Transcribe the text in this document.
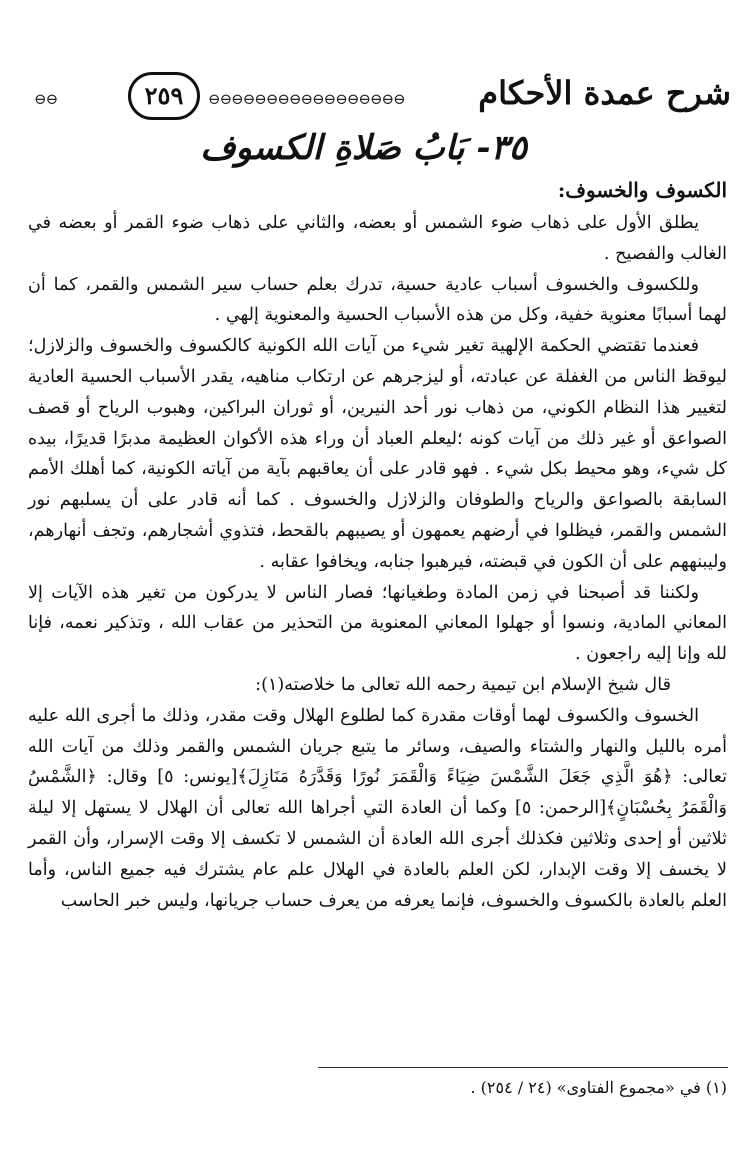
⊖⊖	٢٥٩	⊖⊖⊖⊖⊖⊖⊖⊖⊖⊖⊖⊖⊖⊖⊖⊖⊖ شرح عمدة الأحكام
٣٥- بَابُ صَلاةِ الكسوف
الكسوف والخسوف:

يطلق الأول على ذهاب ضوء الشمس أو بعضه، والثاني على ذهاب ضوء القمر أو بعضه في الغالب والفصيح .

وللكسوف والخسوف أسباب عادية حسية، تدرك بعلم حساب سير الشمس والقمر، كما أن لهما أسبابًا معنوية خفية، وكل من هذه الأسباب الحسية والمعنوية إلهي .

فعندما تقتضي الحكمة الإلهية تغير شيء من آيات الله الكونية كالكسوف والخسوف والزلازل؛ ليوقظ الناس من الغفلة عن عبادته، أو ليزجرهم عن ارتكاب مناهيه، يقدر الأسباب الحسية العادية لتغيير هذا النظام الكوني، من ذهاب نور أحد النيرين، أو ثوران البراكين، وهبوب الرياح أو قصف الصواعق أو غير ذلك من آيات كونه ؛ليعلم العباد أن وراء هذه الأكوان العظيمة مدبرًا قديرًا، بيده كل شيء، وهو محيط بكل شيء . فهو قادر على أن يعاقبهم بآية من آياته الكونية، كما أهلك الأمم السابقة بالصواعق والرياح والطوفان والزلازل والخسوف . كما أنه قادر على أن يسلبهم نور الشمس والقمر، فيظلوا في أرضهم يعمهون أو يصيبهم بالقحط، فتذوي أشجارهم، وتجف أنهارهم، وليبنههم على أن الكون في قبضته، فيرهبوا جنابه، ويخافوا عقابه .

ولكننا قد أصبحنا في زمن المادة وطغيانها؛ فصار الناس لا يدركون من تغير هذه الآيات إلا المعاني المادية، ونسوا أو جهلوا المعاني المعنوية من التحذير من عقاب الله ، وتذكير نعمه، فإنا لله وإنا إليه راجعون .

قال شيخ الإسلام ابن تيمية رحمه الله تعالى ما خلاصته(١):

الخسوف والكسوف لهما أوقات مقدرة كما لطلوع الهلال وقت مقدر، وذلك ما أجرى الله عليه أمره بالليل والنهار والشتاء والصيف، وسائر ما يتبع جريان الشمس والقمر وذلك من آيات الله تعالى: ﴿هُوَ الَّذِي جَعَلَ الشَّمْسَ ضِيَاءً وَالْقَمَرَ نُورًا وَقَدَّرَهُ مَنَازِلَ﴾[يونس: ٥] وقال: ﴿الشَّمْسُ وَالْقَمَرُ بِحُسْبَانٍ﴾[الرحمن: ٥] وكما أن العادة التي أجراها الله تعالى أن الهلال لا يستهل إلا ليلة ثلاثين أو إحدى وثلاثين فكذلك أجرى الله العادة أن الشمس لا تكسف إلا وقت الإسرار، وأن القمر لا يخسف إلا وقت الإبدار، لكن العلم بالعادة في الهلال علم عام يشترك فيه جميع الناس، وأما العلم بالعادة بالكسوف والخسوف، فإنما يعرفه من يعرف حساب جريانها، وليس خبر الحاسب

(١) في «مجموع الفتاوى» (٢٤ / ٢٥٤) .
